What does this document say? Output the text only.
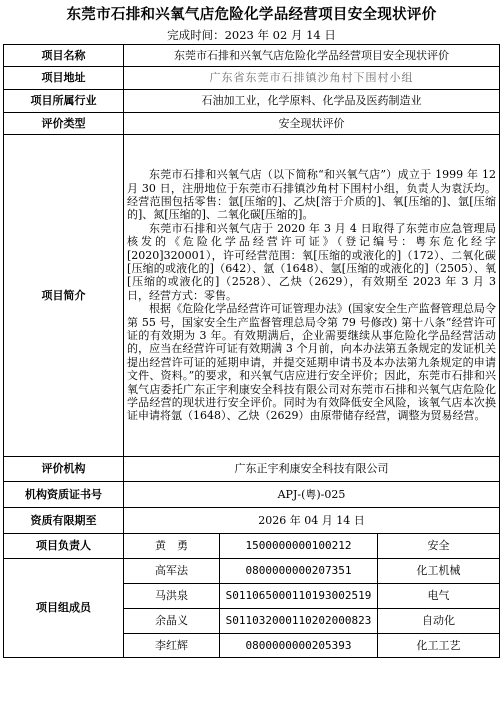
东莞市石排和兴氧气店危险化学品经营项目安全现状评价
完成时间：2023 年 02 月 14 日
项目名称	东莞市石排和兴氧气店危险化学品经营项目安全现状评价		
项目地址	广东省东莞市石排镇沙角村下围村小组		
项目所属行业	石油加工业，化学原料、化学品及医药制造业		
评价类型	安全现状评价		
项目简介	东莞市石排和兴氧气店（以下简称“和兴氧气店”）成立于 1999 年 12 月 30 日，注册地位于东莞市石排镇沙角村下围村小组，负责人为袁沃均。经营范围包括零售：氩[压缩的]、乙炔[溶于介质的]、氧[压缩的]、氩[压缩的]、氮[压缩的]、二氧化碳[压缩的]。

东莞市石排和兴氧气店于 2020 年 3 月 4 日取得了东莞市应急管理局核发的《危险化学品经营许可证》（登记编号：粤东危化经字[2020]320001），许可经营范围：氧[压缩的或液化的]（172）、二氧化碳[压缩的或液化的]（642）、氩（1648）、氩[压缩的或液化的]（2505）、氧[压缩的或液化的]（2528）、乙炔（2629），有效期至 2023 年 3 月 3 日，经营方式：零售。

根据《危险化学品经营许可证管理办法》(国家安全生产监督管理总局令第 55 号，国家安全生产监督管理总局令第 79 号修改) 第十八条“经营许可证的有效期为 3 年。有效期满后，企业需要继续从事危险化学品经营活动的，应当在经营许可证有效期满 3 个月前，向本办法第五条规定的发证机关提出经营许可证的延期申请，并提交延期申请书及本办法第九条规定的申请文件、资料。”的要求，和兴氧气店应进行安全评价；因此，东莞市石排和兴氧气店委托广东正宇利康安全科技有限公司对东莞市石排和兴氧气店危险化学品经营的现状进行安全评价。同时为有效降低安全风险，该氧气店本次换证申请将氩（1648）、乙炔（2629）由原带储存经营，调整为贸易经营。		

评价机构	广东正宇利康安全科技有限公司		
机构资质证书号	APJ-(粤)-025		
资质有限期至	2026 年 04 月 14 日		
项目负责人	黄　勇	1500000000100212	安全
项目组成员	高军法	0800000000207351	化工机械
	马洪泉	S011065000110193002519	电气
	余晶义	S011032000110202000823	自动化
	李红辉	0800000000205393	化工工艺
